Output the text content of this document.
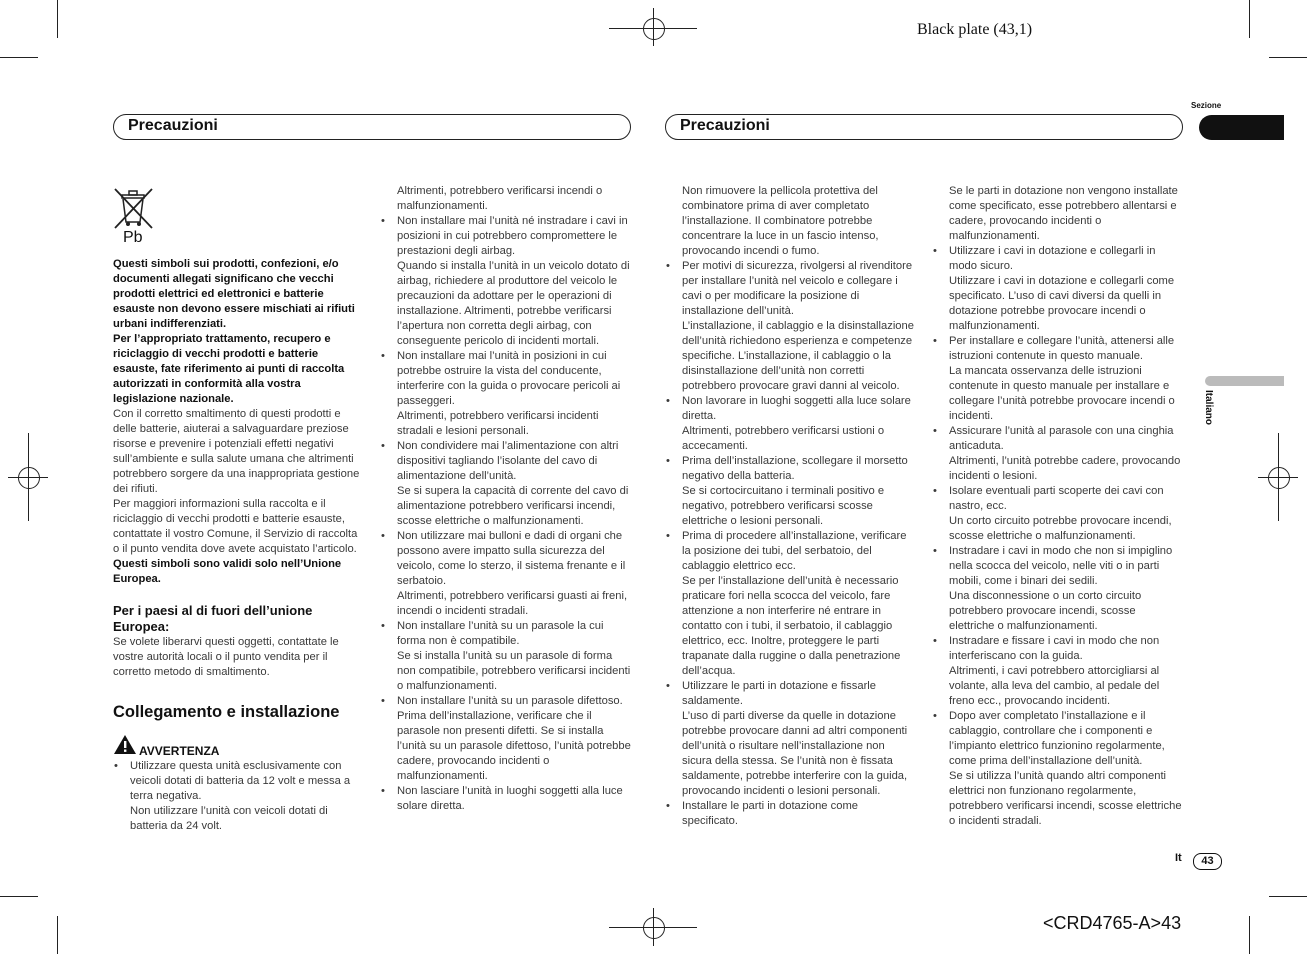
Black plate (43,1)
<CRD4765-A>43
Precauzioni	Precauzioni
Sezione
Italiano
It	43
Pb

Questi simboli sui prodotti, confezioni, e/o documenti allegati significano che vecchi prodotti elettrici ed elettronici e batterie esauste non devono essere mischiati ai rifiuti urbani indifferenziati.

Per l’appropriato trattamento, recupero e riciclaggio di vecchi prodotti e batterie esauste, fate riferimento ai punti di raccolta autorizzati in conformità alla vostra legislazione nazionale.

Con il corretto smaltimento di questi prodotti e delle batterie, aiuterai a salvaguardare preziose risorse e prevenire i potenziali effetti negativi sull’ambiente e sulla salute umana che altrimenti potrebbero sorgere da una inappropriata gestione dei rifiuti.

Per maggiori informazioni sulla raccolta e il riciclaggio di vecchi prodotti e batterie esauste, contattate il vostro Comune, il Servizio di raccolta o il punto vendita dove avete acquistato l’articolo.

Questi simboli sono validi solo nell’Unione Europea.

Per i paesi al di fuori dell’unione Europea:

Se volete liberarvi questi oggetti, contattate le vostre autorità locali o il punto vendita per il corretto metodo di smaltimento.

Collegamento e installazione

AVVERTENZA

• Utilizzare questa unità esclusivamente con veicoli dotati di batteria da 12 volt e messa a terra negativa.

Non utilizzare l’unità con veicoli dotati di batteria da 24 volt.

Altrimenti, potrebbero verificarsi incendi o malfunzionamenti.

• Non installare mai l’unità né instradare i cavi in posizioni in cui potrebbero compromettere le prestazioni degli airbag.

Quando si installa l’unità in un veicolo dotato di airbag, richiedere al produttore del veicolo le precauzioni da adottare per le operazioni di installazione. Altrimenti, potrebbe verificarsi l’apertura non corretta degli airbag, con conseguente pericolo di incidenti mortali.

• Non installare mai l’unità in posizioni in cui potrebbe ostruire la vista del conducente, interferire con la guida o provocare pericoli ai passeggeri.

Altrimenti, potrebbero verificarsi incidenti stradali e lesioni personali.

• Non condividere mai l’alimentazione con altri dispositivi tagliando l’isolante del cavo di alimentazione dell’unità.

Se si supera la capacità di corrente del cavo di alimentazione potrebbero verificarsi incendi, scosse elettriche o malfunzionamenti.

• Non utilizzare mai bulloni e dadi di organi che possono avere impatto sulla sicurezza del veicolo, come lo sterzo, il sistema frenante e il serbatoio.

Altrimenti, potrebbero verificarsi guasti ai freni, incendi o incidenti stradali.

• Non installare l’unità su un parasole la cui forma non è compatibile.

Se si installa l’unità su un parasole di forma non compatibile, potrebbero verificarsi incidenti o malfunzionamenti.

• Non installare l’unità su un parasole difettoso.

Prima dell’installazione, verificare che il parasole non presenti difetti. Se si installa l’unità su un parasole difettoso, l’unità potrebbe cadere, provocando incidenti o malfunzionamenti.

• Non lasciare l’unità in luoghi soggetti alla luce solare diretta.

Non rimuovere la pellicola protettiva del combinatore prima di aver completato l’installazione. Il combinatore potrebbe concentrare la luce in un fascio intenso, provocando incendi o fumo.

• Per motivi di sicurezza, rivolgersi al rivenditore per installare l’unità nel veicolo e collegare i cavi o per modificare la posizione di installazione dell’unità.

L’installazione, il cablaggio e la disinstallazione dell’unità richiedono esperienza e competenze specifiche. L’installazione, il cablaggio o la disinstallazione dell’unità non corretti potrebbero provocare gravi danni al veicolo.

• Non lavorare in luoghi soggetti alla luce solare diretta.

Altrimenti, potrebbero verificarsi ustioni o accecamenti.

• Prima dell’installazione, scollegare il morsetto negativo della batteria.

Se si cortocircuitano i terminali positivo e negativo, potrebbero verificarsi scosse elettriche o lesioni personali.

• Prima di procedere all’installazione, verificare la posizione dei tubi, del serbatoio, del cablaggio elettrico ecc.

Se per l’installazione dell’unità è necessario praticare fori nella scocca del veicolo, fare attenzione a non interferire né entrare in contatto con i tubi, il serbatoio, il cablaggio elettrico, ecc. Inoltre, proteggere le parti trapanate dalla ruggine o dalla penetrazione dell’acqua.

• Utilizzare le parti in dotazione e fissarle saldamente.

L’uso di parti diverse da quelle in dotazione potrebbe provocare danni ad altri componenti dell’unità o risultare nell’installazione non sicura della stessa. Se l’unità non è fissata saldamente, potrebbe interferire con la guida, provocando incidenti o lesioni personali.

• Installare le parti in dotazione come specificato.

Se le parti in dotazione non vengono installate come specificato, esse potrebbero allentarsi e cadere, provocando incidenti o malfunzionamenti.

• Utilizzare i cavi in dotazione e collegarli in modo sicuro.

Utilizzare i cavi in dotazione e collegarli come specificato. L’uso di cavi diversi da quelli in dotazione potrebbe provocare incendi o malfunzionamenti.

• Per installare e collegare l’unità, attenersi alle istruzioni contenute in questo manuale.

La mancata osservanza delle istruzioni contenute in questo manuale per installare e collegare l’unità potrebbe provocare incendi o incidenti.

• Assicurare l’unità al parasole con una cinghia anticaduta.

Altrimenti, l’unità potrebbe cadere, provocando incidenti o lesioni.

• Isolare eventuali parti scoperte dei cavi con nastro, ecc.

Un corto circuito potrebbe provocare incendi, scosse elettriche o malfunzionamenti.

• Instradare i cavi in modo che non si impiglino nella scocca del veicolo, nelle viti o in parti mobili, come i binari dei sedili.

Una disconnessione o un corto circuito potrebbero provocare incendi, scosse elettriche o malfunzionamenti.

• Instradare e fissare i cavi in modo che non interferiscano con la guida.

Altrimenti, i cavi potrebbero attorcigliarsi al volante, alla leva del cambio, al pedale del freno ecc., provocando incidenti.

• Dopo aver completato l’installazione e il cablaggio, controllare che i componenti e l’impianto elettrico funzionino regolarmente, come prima dell’installazione dell’unità.

Se si utilizza l’unità quando altri componenti elettrici non funzionano regolarmente, potrebbero verificarsi incendi, scosse elettriche o incidenti stradali.
